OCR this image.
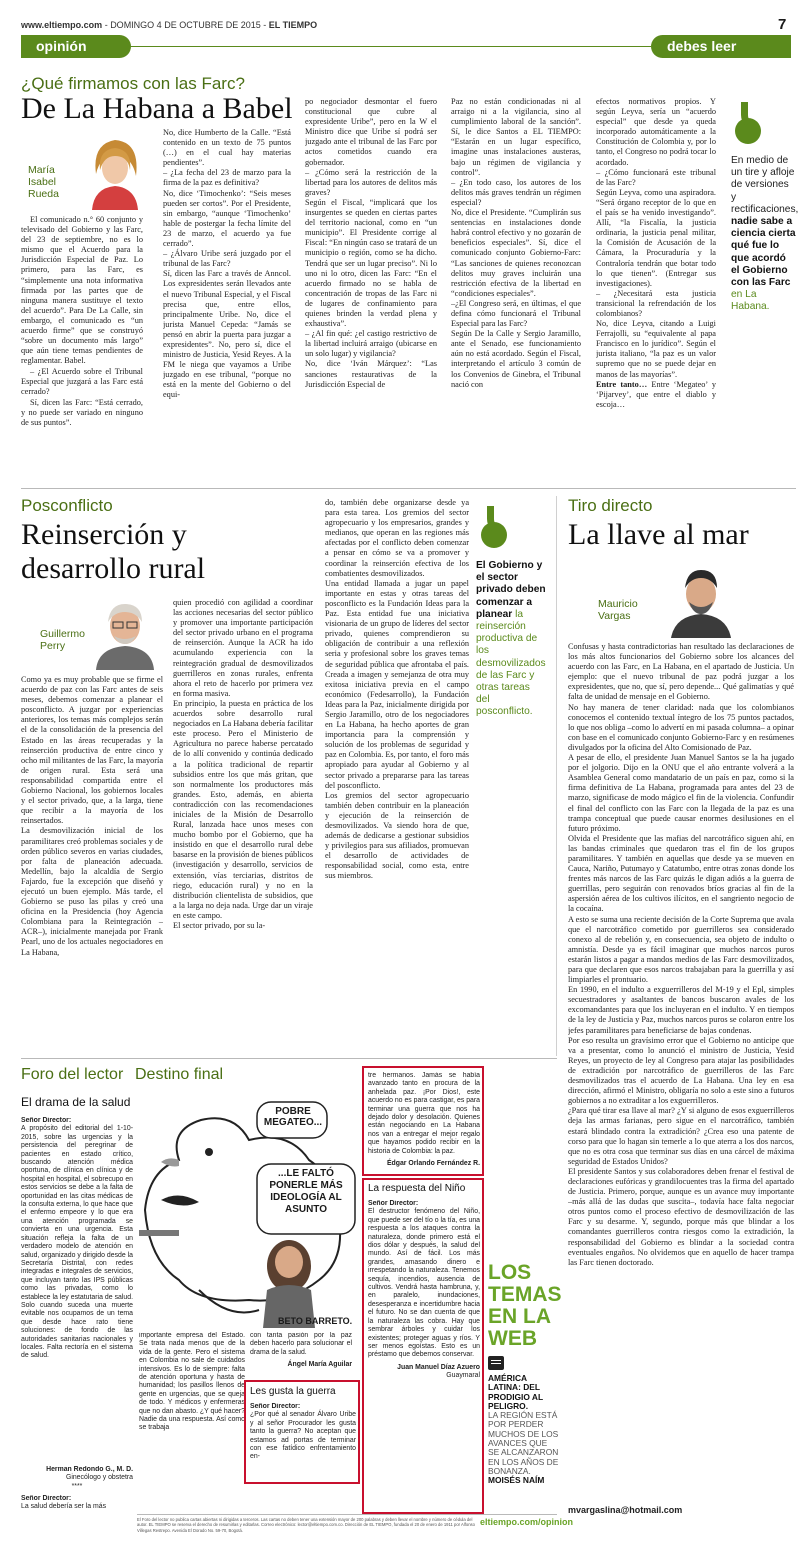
www.eltiempo.com - DOMINGO 4 DE OCTUBRE DE 2015 - EL TIEMPO	7
opinión	debes leer
¿Qué firmamos con las Farc?
De La Habana a Babel
María Isabel Rueda

El comunicado n.° 60 conjunto y televisado del Gobierno y las Farc, del 23 de septiembre, no es lo mismo que el Acuerdo para la Jurisdicción Especial de Paz. Lo primero, para las Farc, es “simplemente una nota informativa firmada por las partes que de ninguna manera sustituye el texto del acuerdo”. Para De La Calle, sin embargo, el comunicado es “un acuerdo firme” que se construyó “sobre un documento más largo” que aún tiene temas pendientes de reglamentar. Babel.

– ¿El Acuerdo sobre el Tribunal Especial que juzgará a las Farc está cerrado?

Sí, dicen las Farc: “Está cerrado, y no puede ser variado en ninguno de sus puntos”.

No, dice Humberto de la Calle. “Está contenido en un texto de 75 puntos (…) en el cual hay materias pendientes”.
– ¿La fecha del 23 de marzo para la firma de la paz es definitiva?
No, dice ‘Timochenko’: “Seis meses pueden ser cortos”. Por el Presidente, sin embargo, “aunque ‘Timochenko’ hable de postergar la fecha límite del 23 de marzo, el acuerdo ya fue cerrado”.
– ¿Álvaro Uribe será juzgado por el tribunal de las Farc?
Sí, dicen las Farc a través de Anncol. Los expresidentes serán llevados ante el nuevo Tribunal Especial, y el Fiscal precisa que, entre ellos, principalmente Uribe. No, dice el jurista Manuel Cepeda: “Jamás se pensó en abrir la puerta para juzgar a expresidentes”. No, pero sí, dice el ministro de Justicia, Yesid Reyes. A la FM le niega que vayamos a Uribe juzgado en ese tribunal, “porque no está en la mente del Gobierno o del equi-
po negociador desmontar el fuero constitucional que cubre al expresidente Uribe”, pero en la W el Ministro dice que Uribe sí podrá ser juzgado ante el tribunal de las Farc por actos cometidos cuando era gobernador.
– ¿Cómo será la restricción de la libertad para los autores de delitos más graves?
Según el Fiscal, “implicará que los insurgentes se queden en ciertas partes del territorio nacional, como en “un municipio”. El Presidente corrige al Fiscal: “En ningún caso se tratará de un municipio o región, como se ha dicho. Tendrá que ser un lugar preciso”. Ni lo uno ni lo otro, dicen las Farc: “En el acuerdo firmado no se habla de concentración de tropas de las Farc ni de lugares de confinamiento para quienes brinden la verdad plena y exhaustiva”.
– ¿Al fin qué: ¿el castigo restrictivo de la libertad incluirá arraigo (ubicarse en un solo lugar) y vigilancia?
No, dice ‘Iván Márquez’: “Las sanciones restaurativas de la Jurisdicción Especial de
Paz no están condicionadas ni al arraigo ni a la vigilancia, sino al cumplimiento laboral de la sanción”. Sí, le dice Santos a EL TIEMPO: “Estarán en un lugar específico, imagine unas instalaciones austeras, bajo un régimen de vigilancia y control”.
– ¿En todo caso, los autores de los delitos más graves tendrán un régimen especial?
No, dice el Presidente. “Cumplirán sus sentencias en instalaciones donde habrá control efectivo y no gozarán de beneficios especiales”. Sí, dice el comunicado conjunto Gobierno-Farc: “Las sanciones de quienes reconozcan delitos muy graves incluirán una restricción efectiva de la libertad en “condiciones especiales”.
–¿El Congreso será, en últimas, el que defina cómo funcionará el Tribunal Especial para las Farc?
Según De la Calle y Sergio Jaramillo, ante el Senado, ese funcionamiento aún no está acordado. Según el Fiscal, interpretando el artículo 3 común de los Convenios de Ginebra, el Tribunal nació con
efectos normativos propios. Y según Leyva, sería un “acuerdo especial” que desde ya queda incorporado automáticamente a la Constitución de Colombia y, por lo tanto, el Congreso no podrá tocar lo acordado.
– ¿Cómo funcionará este tribunal de las Farc?
Según Leyva, como una aspiradora. “Será órgano receptor de lo que en el país se ha venido investigando”. Allí, “la Fiscalía, la justicia ordinaria, la justicia penal militar, la Comisión de Acusación de la Cámara, la Procuraduría y la Contraloría tendrán que botar todo lo que tienen”. (Entregar sus investigaciones).
– ¿Necesitará esta justicia transicional la refrendación de los colombianos?
No, dice Leyva, citando a Luigi Ferrajolli, su “equivalente al papa Francisco en lo jurídico”. Según el jurista italiano, “la paz es un valor supremo que no se puede dejar en manos de las mayorías”.
Entre tanto… Entre ‘Megateo’ y ‘Pijarvey’, que entre el diablo y escoja…
En medio de un tire y afloje de versiones y rectificaciones, nadie sabe a ciencia cierta qué fue lo que acordó el Gobierno con las Farc en La Habana.
Posconflicto
Reinserción y desarrollo rural
Guillermo Perry
Como ya es muy probable que se firme el acuerdo de paz con las Farc antes de seis meses, debemos comenzar a planear el posconflicto. A juzgar por experiencias anteriores, los temas más complejos serán el de la consolidación de la presencia del Estado en las áreas recuperadas y la reinserción productiva de entre cinco y ocho mil militantes de las Farc, la mayoría de origen rural. Esta será una responsabilidad compartida entre el Gobierno Nacional, los gobiernos locales y el sector privado, que, a la larga, tiene que recibir a la mayoría de los reinsertados.
La desmovilización inicial de los paramilitares creó problemas sociales y de orden público severos en varias ciudades, por falta de planeación adecuada. Medellín, bajo la alcaldía de Sergio Fajardo, fue la excepción que diseñó y ejecutó un buen ejemplo. Más tarde, el Gobierno se puso las pilas y creó una oficina en la Presidencia (hoy Agencia Colombiana para la Reintegración –ACR–), inicialmente manejada por Frank Pearl, uno de los actuales negociadores en La Habana,
quien procedió con agilidad a coordinar las acciones necesarias del sector público y promover una importante participación del sector privado urbano en el programa de reinserción. Aunque la ACR ha ido acumulando experiencia con la reintegración gradual de desmovilizados guerrilleros en zonas rurales, enfrenta ahora el reto de hacerlo por primera vez en forma masiva.
En principio, la puesta en práctica de los acuerdos sobre desarrollo rural negociados en La Habana debería facilitar este proceso. Pero el Ministerio de Agricultura no parece haberse percatado de lo allí convenido y continúa dedicado a la política tradicional de repartir subsidios entre los que más gritan, que son normalmente los productores más grandes. Esto, además, en abierta contradicción con las recomendaciones iniciales de la Misión de Desarrollo Rural, lanzada hace unos meses con mucho bombo por el Gobierno, que ha insistido en que el desarrollo rural debe basarse en la provisión de bienes públicos (investigación y desarrollo, servicios de extensión, vías terciarias, distritos de riego, educación rural) y no en la distribución clientelista de subsidios, que a la larga no deja nada. Urge dar un viraje en este campo.
El sector privado, por su la-
do, también debe organizarse desde ya para esta tarea. Los gremios del sector agropecuario y los empresarios, grandes y medianos, que operan en las regiones más afectadas por el conflicto deben comenzar a pensar en cómo se va a promover y coordinar la reinserción efectiva de los combatientes desmovilizados.
Una entidad llamada a jugar un papel importante en estas y otras tareas del posconflicto es la Fundación Ideas para la Paz. Esta entidad fue una iniciativa visionaria de un grupo de líderes del sector privado, quienes comprendieron su obligación de contribuir a una reflexión seria y profesional sobre los graves temas de seguridad pública que afrontaba el país. Creada a imagen y semejanza de otra muy exitosa iniciativa previa en el campo económico (Fedesarrollo), la Fundación Ideas para la Paz, inicialmente dirigida por Sergio Jaramillo, otro de los negociadores en La Habana, ha hecho aportes de gran importancia para la comprensión y solución de los problemas de seguridad y paz en Colombia. Es, por tanto, el foro más apropiado para ayudar al Gobierno y al sector privado a prepararse para las tareas del posconflicto.
Los gremios del sector agropecuario también deben contribuir en la planeación y ejecución de la reinserción de desmovilizados. Va siendo hora de que, además de dedicarse a gestionar subsidios y privilegios para sus afiliados, promuevan el desarrollo de actividades de responsabilidad social, como esta, entre sus miembros.
El Gobierno y el sector privado deben comenzar a planear la reinserción productiva de los desmovilizados de las Farc y otras tareas del posconflicto.
Tiro directo
La llave al mar
Mauricio Vargas
Confusas y hasta contradictorias han resultado las declaraciones de los más altos funcionarios del Gobierno sobre los alcances del acuerdo con las Farc, en La Habana, en el apartado de Justicia. Un ejemplo: que el nuevo tribunal de paz podrá juzgar a los expresidentes, que no, que sí, pero depende... Qué galimatías y qué falta de unidad de mensaje en el Gobierno.
No hay manera de tener claridad: nada que los colombianos conocemos el contenido textual íntegro de los 75 puntos pactados, lo que nos obliga –como lo advertí en mi pasada columna– a opinar con base en el comunicado conjunto Gobierno-Farc y en resúmenes divulgados por la oficina del Alto Comisionado de Paz.
A pesar de ello, el presidente Juan Manuel Santos se la ha jugado por el jolgorio. Dijo en la ONU que el año entrante volverá a la Asamblea General como mandatario de un país en paz, como si la firma definitiva de La Habana, programada para antes del 23 de marzo, significase de modo mágico el fin de la violencia. Confundir el final del conflicto con las Farc con la llegada de la paz es una trampa conceptual que puede causar enormes desilusiones en el futuro próximo.
Olvida el Presidente que las mafias del narcotráfico siguen ahí, en las bandas criminales que quedaron tras el fin de los grupos paramilitares. Y también en aquellas que desde ya se mueven en Cauca, Nariño, Putumayo y Catatumbo, entre otras zonas donde los frentes más narcos de las Farc quizás le digan adiós a la guerra de guerrillas, pero seguirán con renovados bríos gracias al fin de la aspersión aérea de los cultivos ilícitos, en el sangriento negocio de la cocaína.
A esto se suma una reciente decisión de la Corte Suprema que avala que el narcotráfico cometido por guerrilleros sea considerado conexo al de rebelión y, en consecuencia, sea objeto de indulto o amnistía. Desde ya es fácil imaginar que muchos narcos puros estarán listos a pagar a mandos medios de las Farc desmovilizados, para que declaren que esos narcos trabajaban para la guerrilla y así limpiarles el prontuario.
En 1990, en el indulto a exguerrilleros del M-19 y el Epl, simples secuestradores y asaltantes de bancos buscaron avales de los excomandantes para que los incluyeran en el indulto. Y en tiempos de la ley de Justicia y Paz, muchos narcos puros se colaron entre los jefes paramilitares para beneficiarse de bajas condenas.
Por eso resulta un gravísimo error que el Gobierno no anticipe que va a presentar, como lo anunció el ministro de Justicia, Yesid Reyes, un proyecto de ley al Congreso para atajar las posibilidades de extradición por narcotráfico de guerrilleros de las Farc desmovilizados tras el acuerdo de La Habana. Una ley en esa dirección, afirmó el Ministro, obligaría no solo a este sino a futuros gobiernos a no extraditar a los exguerrilleros.
¿Para qué tirar esa llave al mar? ¿Y si alguno de esos exguerrilleros deja las armas farianas, pero sigue en el narcotráfico, también estará blindado contra la extradición? ¿Crea eso una patente de corso para que lo hagan sin temerle a lo que aterra a los dos narcos, que no es otra cosa que terminar sus días en una cárcel de máxima seguridad de Estados Unidos?
El presidente Santos y sus colaboradores deben frenar el festival de declaraciones eufóricas y grandilocuentes tras la firma del apartado de Justicia. Primero, porque, aunque es un avance muy importante –más allá de las dudas que suscita–, todavía hace falta negociar otros puntos como el proceso efectivo de desmovilización de las Farc y su desarme. Y, segundo, porque más que blindar a los comandantes guerrilleros contra riesgos como la extradición, la responsabilidad del Gobierno es blindar a la sociedad contra eventuales engaños. No olvidemos que en aquello de hacer trampa las Farc tienen doctorado.
mvargaslina@hotmail.com
Foro del lector Destino final
El drama de la salud

Señor Director:

A propósito del editorial del 1-10-2015, sobre las urgencias y la persistencia del peregrinar de pacientes en estado crítico, buscando atención médica oportuna, de clínica en clínica y de hospital en hospital, el sobrecupo en estos servicios se debe a la falta de oportunidad en las citas médicas de la consulta externa, lo que hace que el enfermo empeore y lo que era una atención programada se convierta en una urgencia. Esta situación refleja la falta de un verdadero modelo de atención en salud, organizado y dirigido desde la Secretaría Distrital, con redes integradas e integrales de servicios, que incluyan tanto las IPS públicas como las privadas, como lo establece la ley estatutaria de salud. Solo cuando suceda una muerte evitable nos ocupamos de un tema que desde hace rato tiene soluciones: de fondo de las autoridades sanitarias nacionales y locales. Falta rectoría en el sistema de salud.

Herman Redondo G., M. D.

Ginecólogo y obstetra

****

Señor Director:

La salud debería ser la más

POBRE MEGATEO...
...LE FALTÓ PONERLE MÁS IDEOLOGÍA AL ASUNTO
BETO BARRETO.

importante empresa del Estado. Se trata nada menos que de la vida de la gente. Pero el sistema en Colombia no sale de cuidados intensivos. Es lo de siempre: falta de atención oportuna y hasta de humanidad; los pasillos llenos de gente en urgencias, que se queja de todo. Y médicos y enfermeras que no dan abasto. ¿Y qué hacer? Nadie da una respuesta. Así como se trabaja

con tanta pasión por la paz deben hacerlo para solucionar el drama de la salud.

Ángel María Aguilar

tre hermanos. Jamás se había avanzado tanto en procura de la anhelada paz. ¡Por Dios!, este acuerdo no es para castigar, es para terminar una guerra que nos ha dejado dolor y desolación. Quienes están negociando en La Habana nos van a entregar el mejor regalo que hayamos podido recibir en la historia de Colombia: la paz.

Édgar Orlando Fernández R.

La respuesta del Niño

Señor Director:

El destructor fenómeno del Niño, que puede ser del tío o la tía, es una respuesta a los ataques contra la naturaleza, donde primero está el dios dólar y después, la salud del mundo. Así de fácil. Los más grandes, amasando dinero e irrespetando la naturaleza. Tenemos sequía, incendios, ausencia de cultivos. Vendrá hasta hambruna, y, en paralelo, inundaciones, desesperanza e incertidumbre hacia el futuro. No se dan cuenta de que la naturaleza las cobra. Hay que sembrar árboles y cuidar los existentes; proteger aguas y ríos. Y ser menos egoístas. Esto es un préstamo que debemos conservar.

Juan Manuel Díaz Azuero

Guaymaral

Les gusta la guerra

Señor Director:

¿Por qué al senador Álvaro Uribe y al señor Procurador les gusta tanto la guerra? No aceptan que estamos ad portas de terminar con ese fatídico enfrentamiento en-

LOS
TEMAS
EN LA
WEB
AMÉRICA LATINA: DEL PRODIGIO AL PELIGRO.
LA REGIÓN ESTÁ POR PERDER MUCHOS DE LOS AVANCES QUE SE ALCANZARON EN LOS AÑOS DE BONANZA.
MOISÉS NAÍM
El Foro del lector no publica cartas abiertas ni dirigidas a terceros. Las cartas no deben tener una extensión mayor de 200 palabras y deben llevar el nombre y número de cédula del autor. EL TIEMPO se reserva el derecho de resumirlas y editarlas. Correo electrónico: lector@eltiempo.com.co. Dirección de EL TIEMPO, fundada el 20 de enero de 1911 por Alfonso Villegas Restrepo. Avenida El Dorado No. 59-70, Bogotá.
eltiempo.com/opinion
